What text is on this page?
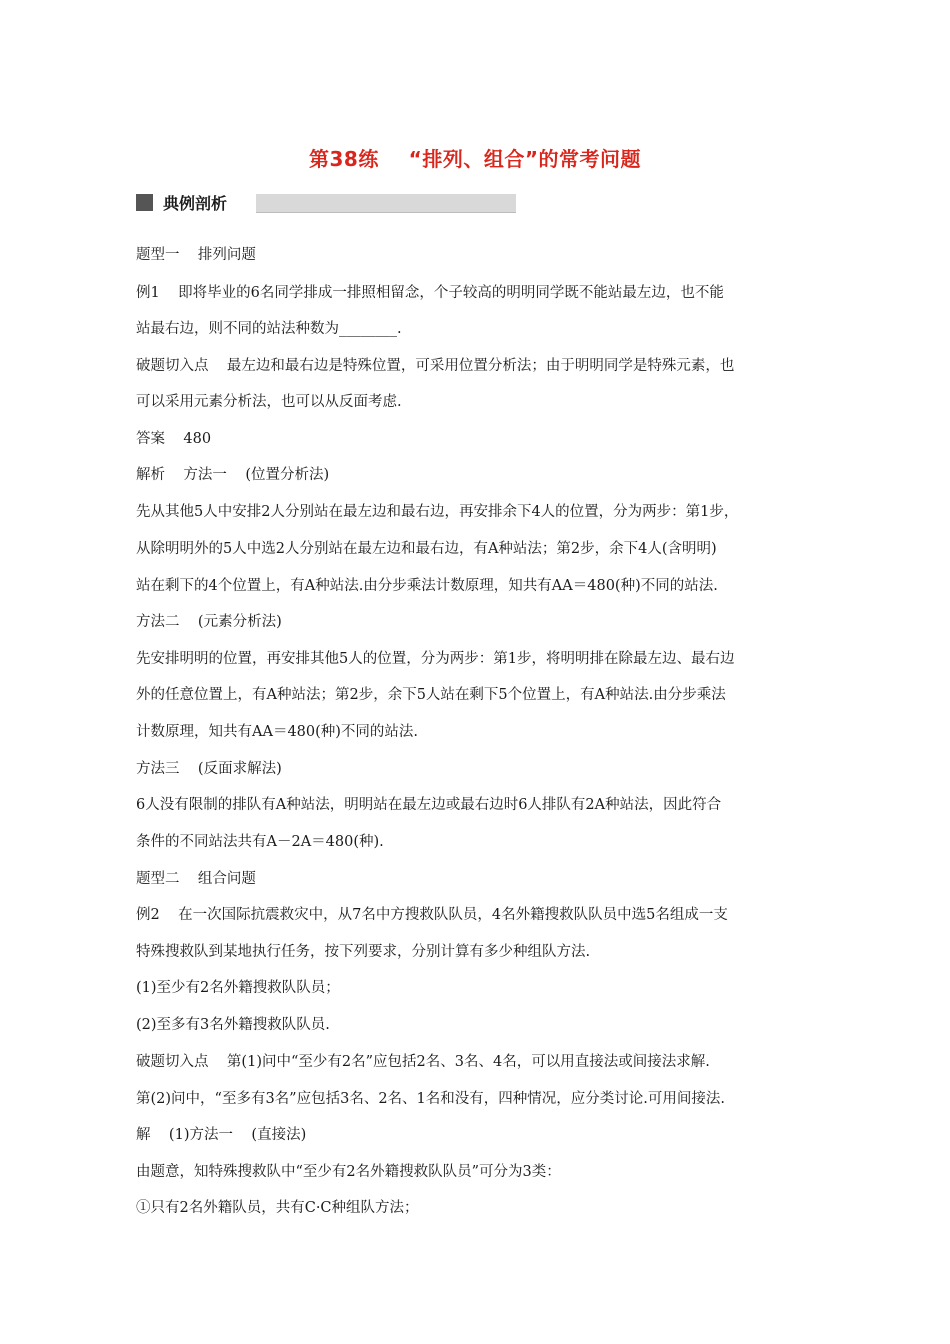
第38练    “排列、组合”的常考问题
典例剖析
题型一    排列问题
例1    即将毕业的6名同学排成一排照相留念，个子较高的明明同学既不能站最左边，也不能
站最右边，则不同的站法种数为________.
破题切入点    最左边和最右边是特殊位置，可采用位置分析法；由于明明同学是特殊元素，也
可以采用元素分析法，也可以从反面考虑.
答案    480
解析    方法一    (位置分析法)
先从其他5人中安排2人分别站在最左边和最右边，再安排余下4人的位置，分为两步：第1步，
从除明明外的5人中选2人分别站在最左边和最右边，有A种站法；第2步，余下4人(含明明)
站在剩下的4个位置上，有A种站法.由分步乘法计数原理，知共有AA＝480(种)不同的站法.
方法二    (元素分析法)
先安排明明的位置，再安排其他5人的位置，分为两步：第1步，将明明排在除最左边、最右边
外的任意位置上，有A种站法；第2步，余下5人站在剩下5个位置上，有A种站法.由分步乘法
计数原理，知共有AA＝480(种)不同的站法.
方法三    (反面求解法)
6人没有限制的排队有A种站法，明明站在最左边或最右边时6人排队有2A种站法，因此符合
条件的不同站法共有A－2A＝480(种).
题型二    组合问题
例2    在一次国际抗震救灾中，从7名中方搜救队队员，4名外籍搜救队队员中选5名组成一支
特殊搜救队到某地执行任务，按下列要求，分别计算有多少种组队方法.
(1)至少有2名外籍搜救队队员；
(2)至多有3名外籍搜救队队员.
破题切入点    第(1)问中“至少有2名”应包括2名、3名、4名，可以用直接法或间接法求解.
第(2)问中，“至多有3名”应包括3名、2名、1名和没有，四种情况，应分类讨论.可用间接法.
解    (1)方法一    (直接法)
由题意，知特殊搜救队中“至少有2名外籍搜救队队员”可分为3类：
①只有2名外籍队员，共有C·C种组队方法；
